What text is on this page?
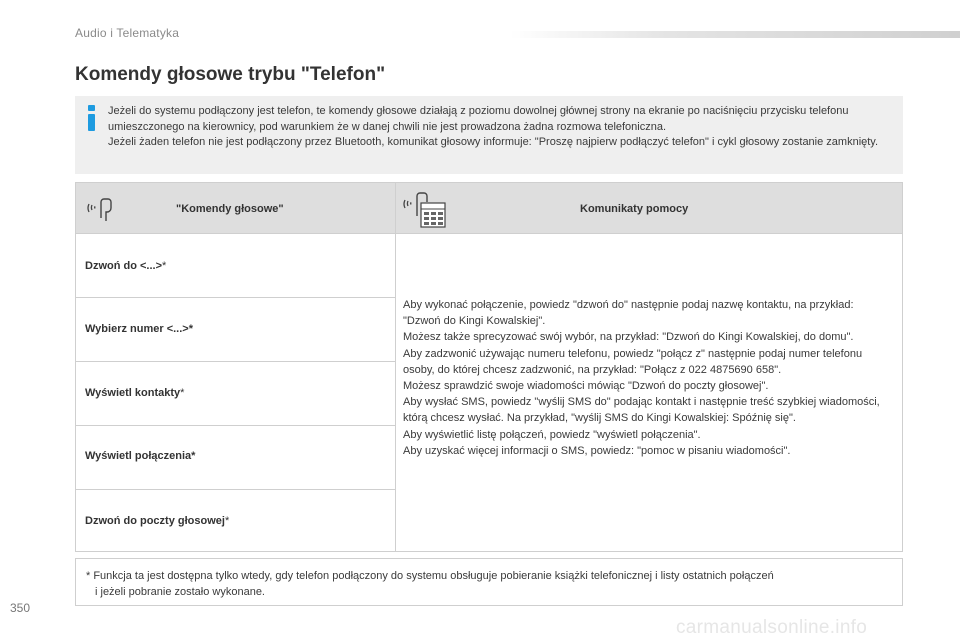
Audio i Telematyka
Komendy głosowe trybu "Telefon"

Jeżeli do systemu podłączony jest telefon, te komendy głosowe działają z poziomu dowolnej głównej strony na ekranie po naciśnięciu przycisku telefonu umieszczonego na kierownicy, pod warunkiem że w danej chwili nie jest prowadzona żadna rozmowa telefoniczna.

Jeżeli żaden telefon nie jest podłączony przez Bluetooth, komunikat głosowy informuje: "Proszę najpierw podłączyć telefon" i cykl głosowy zostanie zamknięty.

"Komendy głosowe"	Komunikaty pomocy
Dzwoń do <...>*
Wybierz numer <...>*
Wyświetl kontakty*
Wyświetl połączenia*
Dzwoń do poczty głosowej*

Aby wykonać połączenie, powiedz "dzwoń do" następnie podaj nazwę kontaktu, na przykład: "Dzwoń do Kingi Kowalskiej".

Możesz także sprecyzować swój wybór, na przykład: "Dzwoń do Kingi Kowalskiej, do domu".

Aby zadzwonić używając numeru telefonu, powiedz "połącz z" następnie podaj numer telefonu osoby, do której chcesz zadzwonić, na przykład: "Połącz z 022 4875690 658".

Możesz sprawdzić swoje wiadomości mówiąc "Dzwoń do poczty głosowej".

Aby wysłać SMS, powiedz "wyślij SMS do" podając kontakt i następnie treść szybkiej wiadomości, którą chcesz wysłać. Na przykład, "wyślij SMS do Kingi Kowalskiej: Spóźnię się".

Aby wyświetlić listę połączeń, powiedz "wyświetl połączenia".

Aby uzyskać więcej informacji o SMS, powiedz: "pomoc w pisaniu wiadomości".

* Funkcja ta jest dostępna tylko wtedy, gdy telefon podłączony do systemu obsługuje pobieranie książki telefonicznej i listy ostatnich połączeń
i jeżeli pobranie zostało wykonane.
350
carmanualsonline.info
